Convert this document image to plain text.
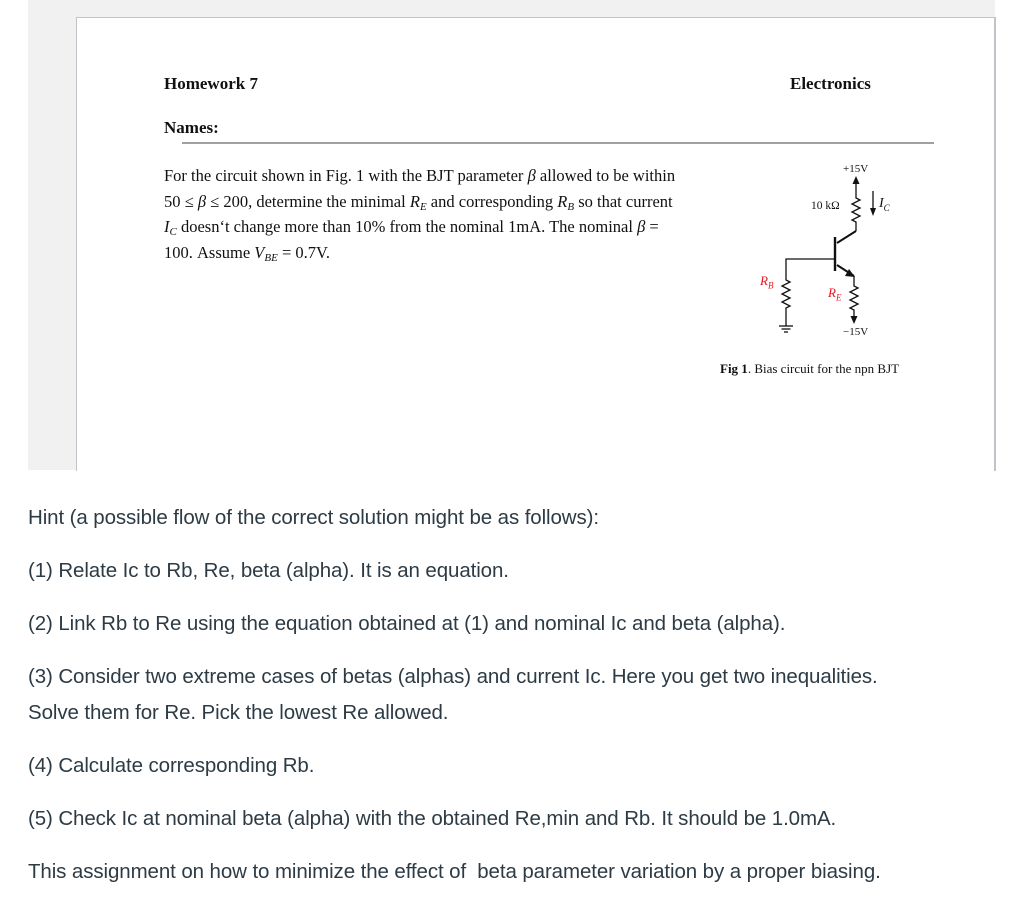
Homework 7	Electronics
Names:
For the circuit shown in Fig. 1 with the BJT parameter β allowed to be within
50 ≤ β ≤ 200, determine the minimal $R_E$ and corresponding $R_B$ so that current
$I_C$ doesn‘t change more than 10% from the nominal 1mA. The nominal β =
100. Assume $V_{BE} = 0.7V$.
+15V
10 kΩ	$I_C$
$R_B$	$R_E$
−15V
Fig 1. Bias circuit for the npn BJT

Hint (a possible flow of the correct solution might be as follows):

(1) Relate Ic to Rb, Re, beta (alpha). It is an equation.

(2) Link Rb to Re using the equation obtained at (1) and nominal Ic and beta (alpha).

(3) Consider two extreme cases of betas (alphas) and current Ic. Here you get two inequalities.

Solve them for Re. Pick the lowest Re allowed.

(4) Calculate corresponding Rb.

(5) Check Ic at nominal beta (alpha) with the obtained Re,min and Rb. It should be 1.0mA.

This assignment on how to minimize the effect of  beta parameter variation by a proper biasing.
